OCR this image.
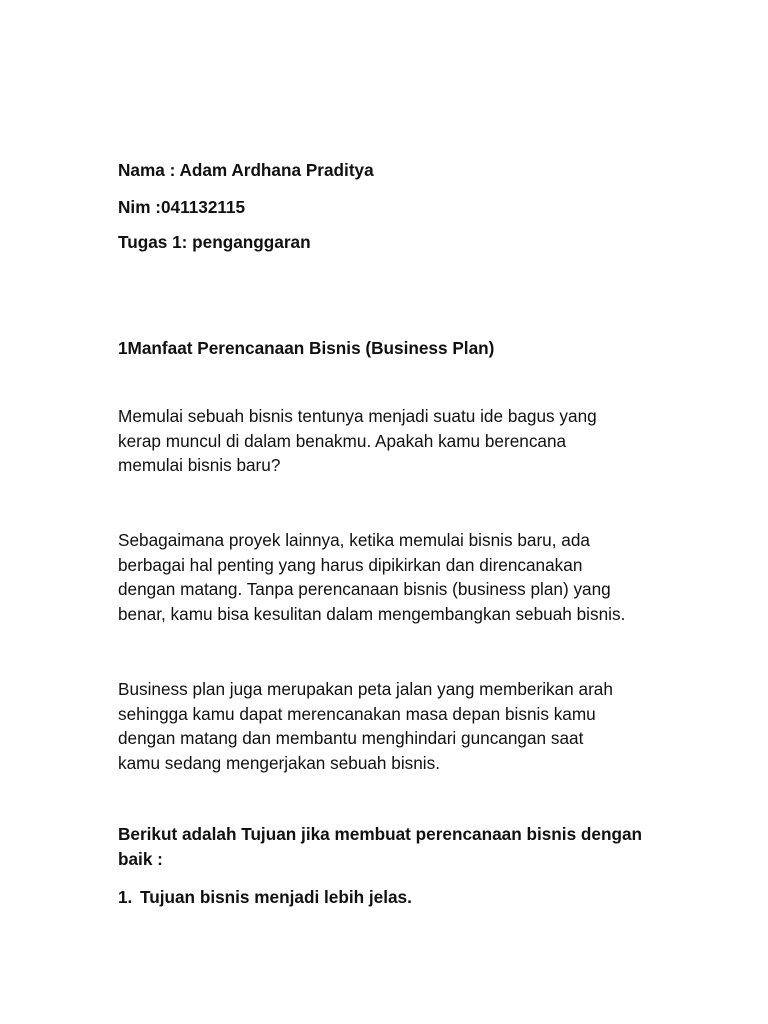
Nama : Adam Ardhana Praditya
Nim :041132115
Tugas 1: penganggaran
1Manfaat Perencanaan Bisnis (Business Plan)
Memulai sebuah bisnis tentunya menjadi suatu ide bagus yang
kerap muncul di dalam benakmu. Apakah kamu berencana
memulai bisnis baru?
Sebagaimana proyek lainnya, ketika memulai bisnis baru, ada
berbagai hal penting yang harus dipikirkan dan direncanakan
dengan matang. Tanpa perencanaan bisnis (business plan) yang
benar, kamu bisa kesulitan dalam mengembangkan sebuah bisnis.
Business plan juga merupakan peta jalan yang memberikan arah
sehingga kamu dapat merencanakan masa depan bisnis kamu
dengan matang dan membantu menghindari guncangan saat
kamu sedang mengerjakan sebuah bisnis.
Berikut adalah Tujuan jika membuat perencanaan bisnis dengan
baik :
1. Tujuan bisnis menjadi lebih jelas.
